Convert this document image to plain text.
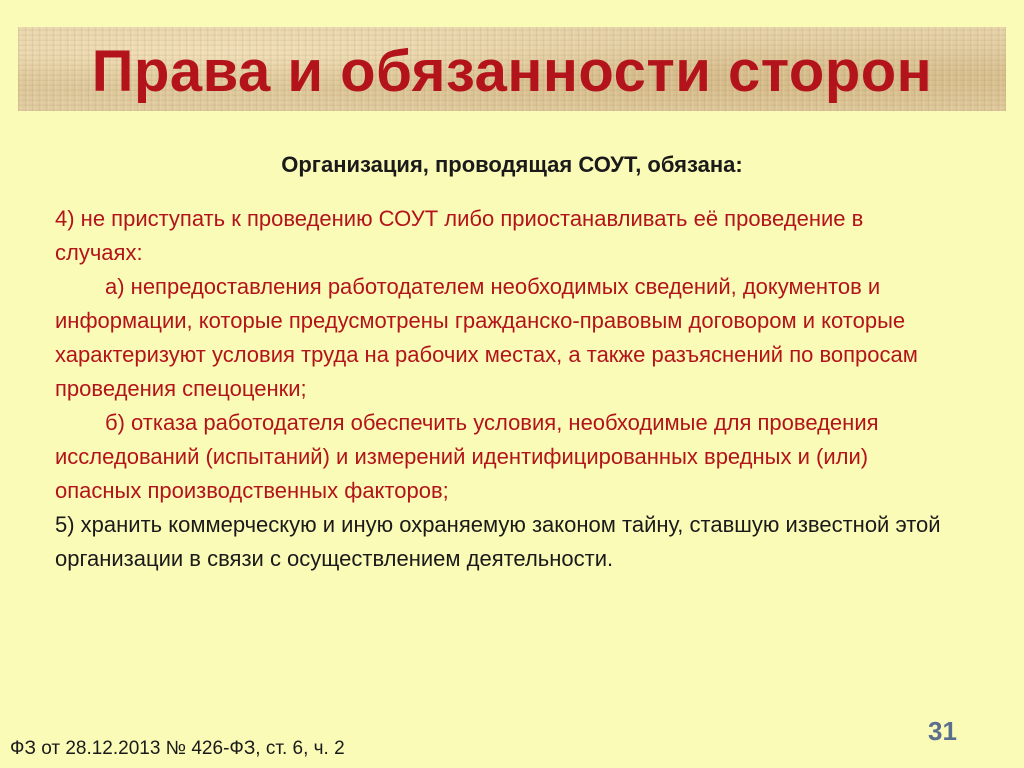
Права и обязанности сторон
Организация, проводящая СОУТ, обязана:

4) не приступать к проведению СОУТ либо приостанавливать её проведение в случаях:

а) непредоставления работодателем необходимых сведений, документов и информации, которые предусмотрены гражданско-правовым договором и которые характеризуют условия труда на рабочих местах, а также разъяснений по вопросам проведения спецоценки;

б) отказа работодателя обеспечить условия, необходимые для проведения исследований (испытаний) и измерений идентифицированных вредных и (или) опасных производственных факторов;

5) хранить коммерческую и иную охраняемую законом тайну, ставшую известной этой организации в связи с осуществлением деятельности.

ФЗ от 28.12.2013 № 426-ФЗ, ст. 6, ч. 2
31
